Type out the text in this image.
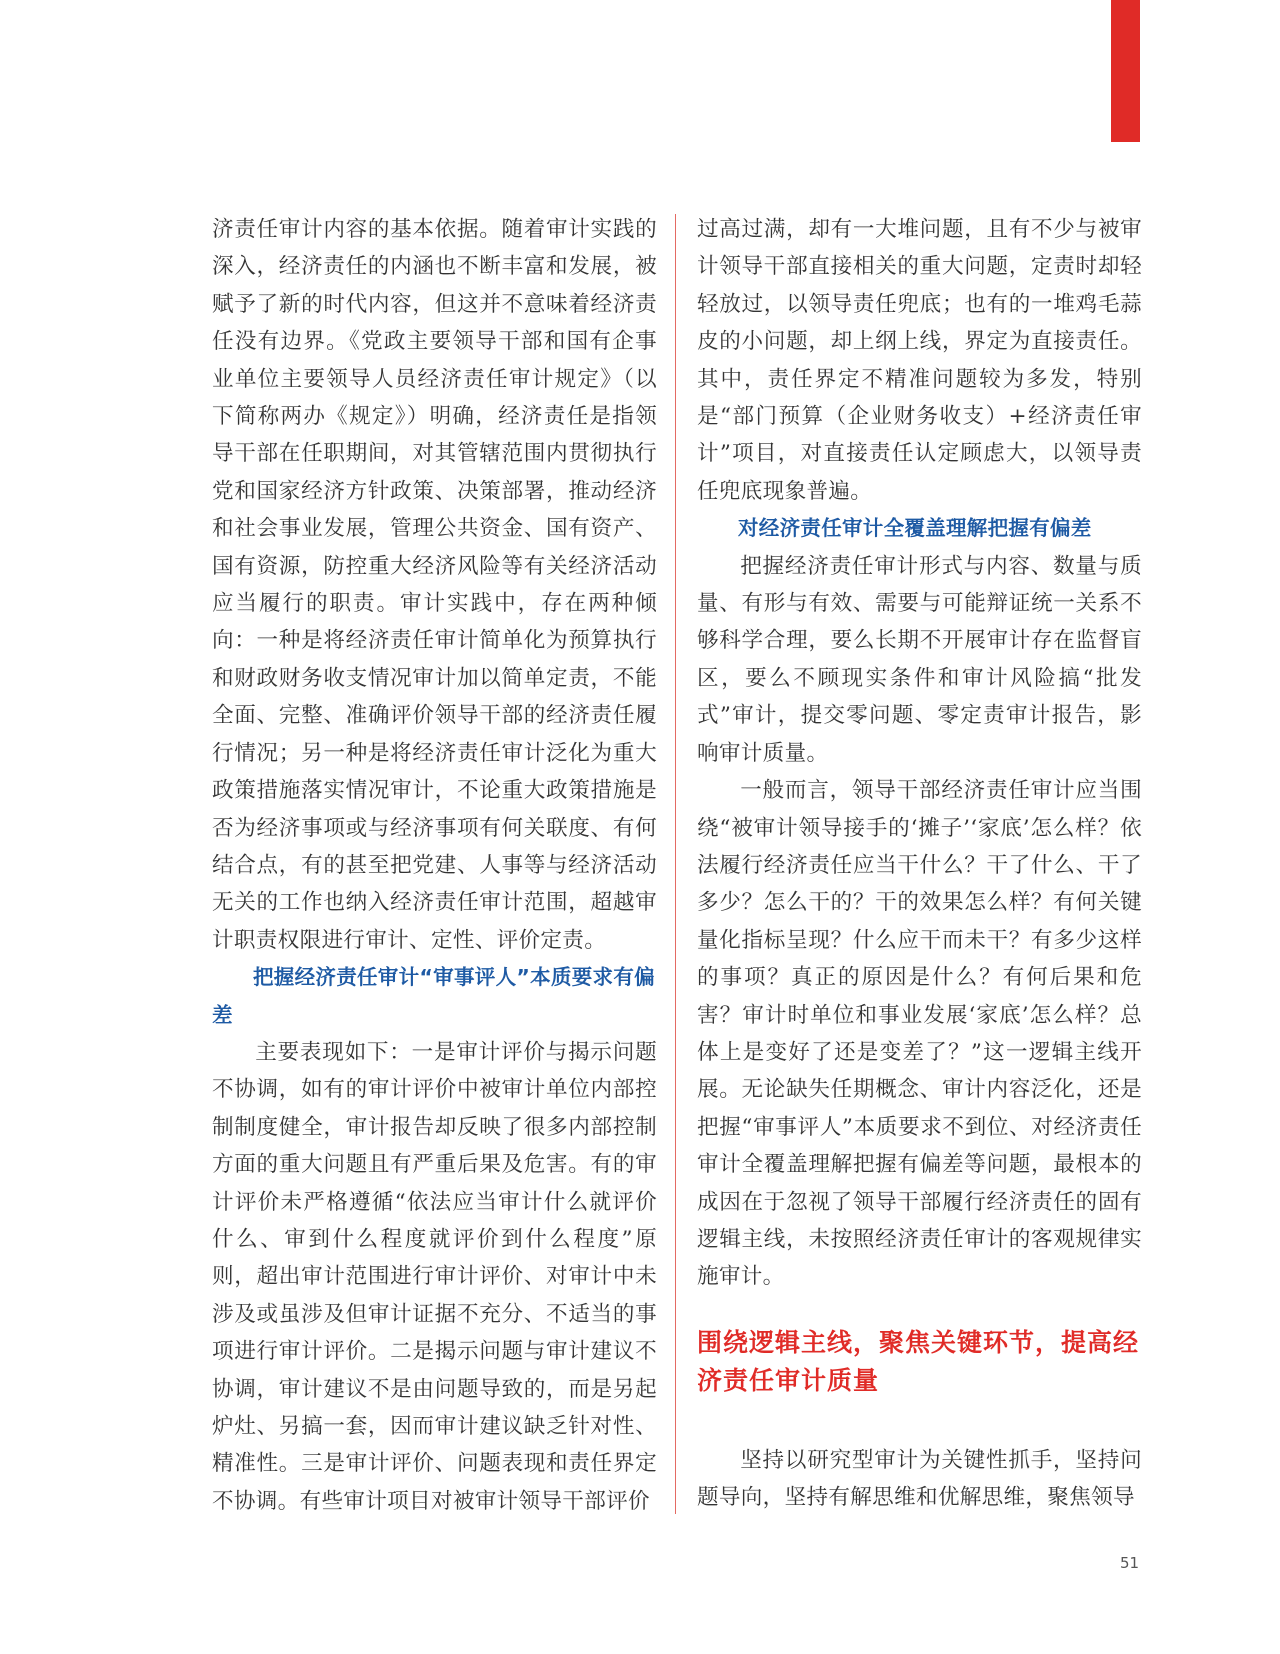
济责任审计内容的基本依据。随着审计实践的深入，经济责任的内涵也不断丰富和发展，被赋予了新的时代内容，但这并不意味着经济责任没有边界。《党政主要领导干部和国有企事业单位主要领导人员经济责任审计规定》（以下简称两办《规定》）明确，经济责任是指领导干部在任职期间，对其管辖范围内贯彻执行党和国家经济方针政策、决策部署，推动经济和社会事业发展，管理公共资金、国有资产、国有资源，防控重大经济风险等有关经济活动应当履行的职责。审计实践中，存在两种倾向：一种是将经济责任审计简单化为预算执行和财政财务收支情况审计加以简单定责，不能全面、完整、准确评价领导干部的经济责任履行情况；另一种是将经济责任审计泛化为重大政策措施落实情况审计，不论重大政策措施是否为经济事项或与经济事项有何关联度、有何结合点，有的甚至把党建、人事等与经济活动无关的工作也纳入经济责任审计范围，超越审计职责权限进行审计、定性、评价定责。

把握经济责任审计“审事评人”本质要求有偏差

主要表现如下：一是审计评价与揭示问题不协调，如有的审计评价中被审计单位内部控制制度健全，审计报告却反映了很多内部控制方面的重大问题且有严重后果及危害。有的审计评价未严格遵循“依法应当审计什么就评价什么、审到什么程度就评价到什么程度”原则，超出审计范围进行审计评价、对审计中未涉及或虽涉及但审计证据不充分、不适当的事项进行审计评价。二是揭示问题与审计建议不协调，审计建议不是由问题导致的，而是另起炉灶、另搞一套，因而审计建议缺乏针对性、精准性。三是审计评价、问题表现和责任界定不协调。有些审计项目对被审计领导干部评价

过高过满，却有一大堆问题，且有不少与被审计领导干部直接相关的重大问题，定责时却轻轻放过，以领导责任兜底；也有的一堆鸡毛蒜皮的小问题，却上纲上线，界定为直接责任。其中，责任界定不精准问题较为多发，特别是“部门预算（企业财务收支）+经济责任审计”项目，对直接责任认定顾虑大，以领导责任兜底现象普遍。

对经济责任审计全覆盖理解把握有偏差

把握经济责任审计形式与内容、数量与质量、有形与有效、需要与可能辩证统一关系不够科学合理，要么长期不开展审计存在监督盲区，要么不顾现实条件和审计风险搞“批发式”审计，提交零问题、零定责审计报告，影响审计质量。

一般而言，领导干部经济责任审计应当围绕“被审计领导接手的‘摊子’‘家底’怎么样？依法履行经济责任应当干什么？干了什么、干了多少？怎么干的？干的效果怎么样？有何关键量化指标呈现？什么应干而未干？有多少这样的事项？真正的原因是什么？有何后果和危害？审计时单位和事业发展‘家底’怎么样？总体上是变好了还是变差了？”这一逻辑主线开展。无论缺失任期概念、审计内容泛化，还是把握“审事评人”本质要求不到位、对经济责任审计全覆盖理解把握有偏差等问题，最根本的成因在于忽视了领导干部履行经济责任的固有逻辑主线，未按照经济责任审计的客观规律实施审计。

围绕逻辑主线，聚焦关键环节，提高经济责任审计质量

坚持以研究型审计为关键性抓手，坚持问题导向，坚持有解思维和优解思维，聚焦领导

51
